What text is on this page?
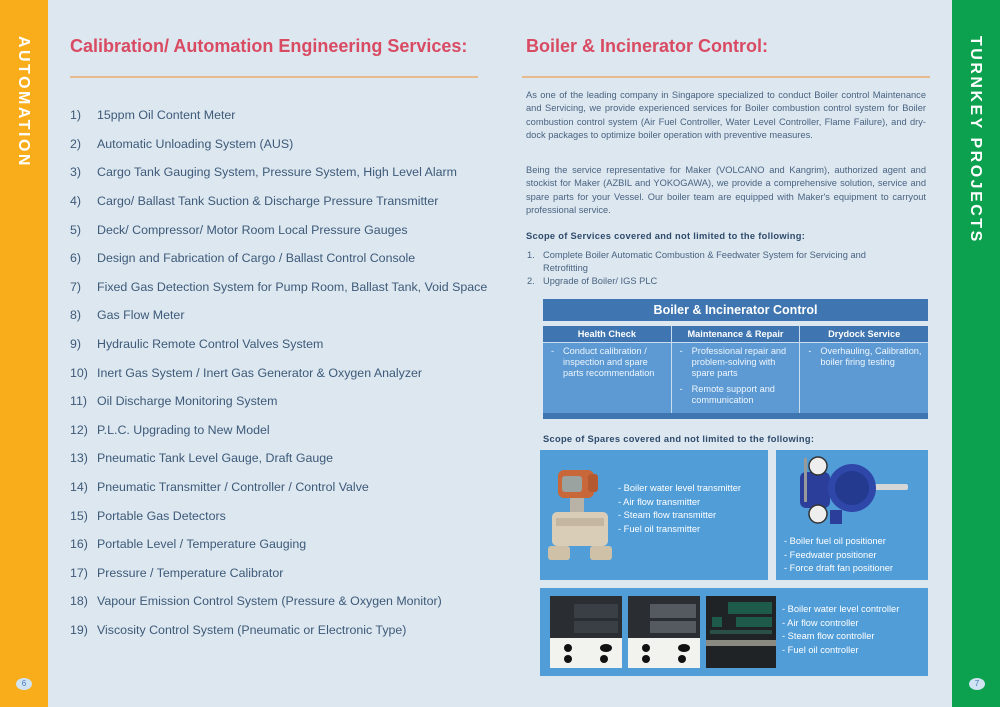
AUTOMATION
6
TURNKEY PROJECTS
7
Calibration/ Automation Engineering Services:
1)	15ppm Oil Content Meter
2)	Automatic Unloading System (AUS)
3)	Cargo Tank Gauging System, Pressure System, High Level Alarm
4)	Cargo/ Ballast Tank Suction & Discharge Pressure Transmitter
5)	Deck/ Compressor/ Motor Room Local Pressure Gauges
6)	Design and Fabrication of Cargo / Ballast Control Console
7)	Fixed Gas Detection System for Pump Room, Ballast Tank, Void Space
8)	Gas Flow Meter
9)	Hydraulic Remote Control Valves System
10) Inert Gas System / Inert Gas Generator & Oxygen Analyzer
11) Oil Discharge Monitoring System
12) P.L.C. Upgrading to New Model
13) Pneumatic Tank Level Gauge, Draft Gauge
14) Pneumatic Transmitter / Controller / Control Valve
15) Portable Gas Detectors
16) Portable Level / Temperature Gauging
17) Pressure / Temperature Calibrator
18) Vapour Emission Control System (Pressure & Oxygen Monitor)
19) Viscosity Control System (Pneumatic or Electronic Type)
Boiler & Incinerator Control:

As one of the leading company in Singapore specialized to conduct Boiler control Maintenance and Servicing, we provide experienced services for Boiler combustion control system for Boiler combustion control system (Air Fuel Controller, Water Level Controller, Flame Failure), and dry-dock packages to optimize boiler operation with preventive measures.

Being the service representative for Maker (VOLCANO and Kangrim), authorized agent and stockist for Maker (AZBIL and YOKOGAWA), we provide a comprehensive solution, service and spare parts for your Vessel. Our boiler team are equipped with Maker's equipment to carryout professional service.

Scope of Services covered and not limited to the following:
1. Complete Boiler Automatic Combustion & Feedwater System for Servicing and Retrofitting
2. Upgrade of Boiler/ IGS PLC
Boiler & Incinerator Control
Health Check
- Conduct calibration / inspection and spare parts recommendation
Maintenance & Repair
- Professional repair and problem-solving with spare parts
- Remote support and communication
Drydock Service
- Overhauling, Calibration, boiler firing testing
Scope of Spares covered and not limited to the following:
- Boiler water level transmitter
- Air flow transmitter
- Steam flow transmitter
- Fuel oil transmitter
- Boiler fuel oil positioner
- Feedwater positioner
- Force draft fan positioner
- Boiler water level controller
- Air flow controller
- Steam flow controller
- Fuel oil controller
